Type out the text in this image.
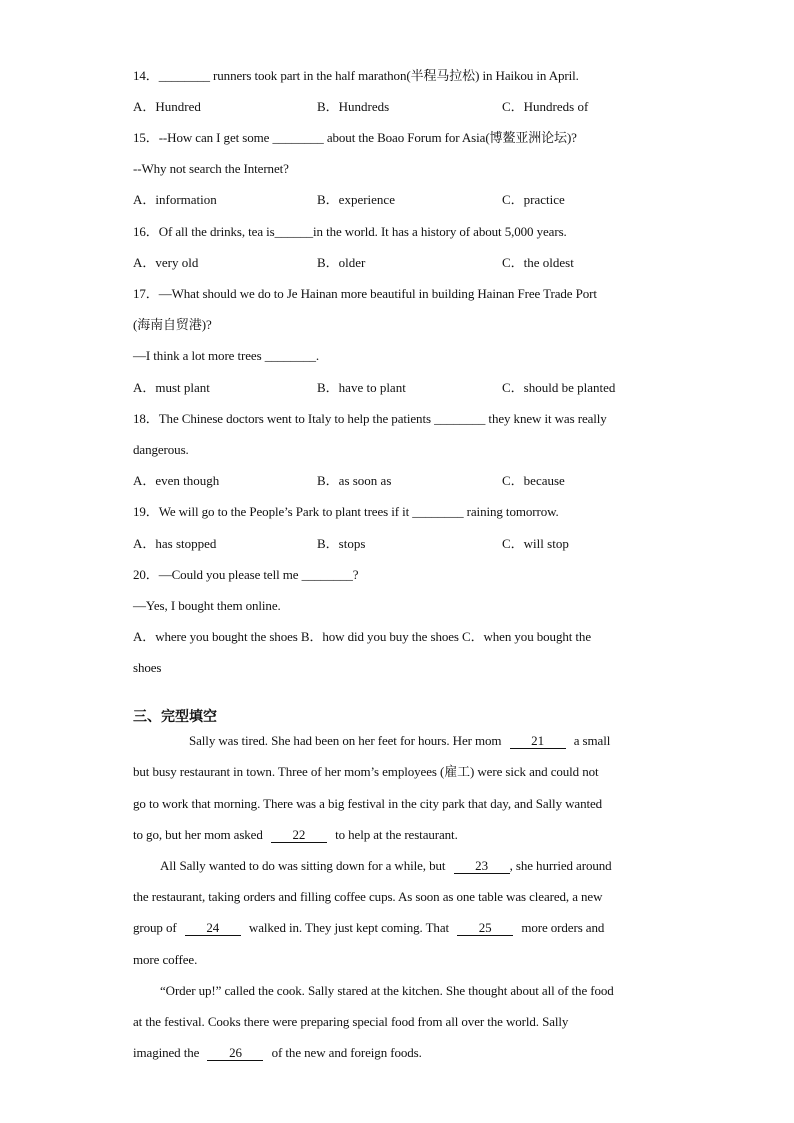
14．________ runners took part in the half marathon(半程马拉松) in Haikou in April.
A．Hundred	B．Hundreds	C．Hundreds of
15．--How can I get some ________ about the Boao Forum for Asia(博鳌亚洲论坛)?
--Why not search the Internet?
A．information	B．experience	C．practice
16．Of all the drinks, tea is______in the world. It has a history of about 5,000 years.
A．very old	B．older	C．the oldest
17．—What should we do to Je Hainan more beautiful in building Hainan Free Trade Port
(海南自贸港)?
—I think a lot more trees ________.
A．must plant	B．have to plant	C．should be planted
18．The Chinese doctors went to Italy to help the patients ________ they knew it was really
dangerous.
A．even though	B．as soon as	C．because
19．We will go to the People’s Park to plant trees if it ________ raining tomorrow.
A．has stopped	B．stops	C．will stop
20．—Could you please tell me ________?
—Yes, I bought them online.
A．where you bought the shoes B．how did you buy the shoes C．when you bought the
shoes
三、完型填空
Sally was tired. She had been on her feet for hours. Her mom 21 a small
but busy restaurant in town. Three of her mom’s employees (雇工) were sick and could not
go to work that morning. There was a big festival in the city park that day, and Sally wanted
to go, but her mom asked 22 to help at the restaurant.
All Sally wanted to do was sitting down for a while, but 23 , she hurried around
the restaurant, taking orders and filling coffee cups. As soon as one table was cleared, a new
group of 24 walked in. They just kept coming. That 25 more orders and
more coffee.
“Order up!” called the cook. Sally stared at the kitchen. She thought about all of the food
at the festival. Cooks there were preparing special food from all over the world. Sally
imagined the 26 of the new and foreign foods.
